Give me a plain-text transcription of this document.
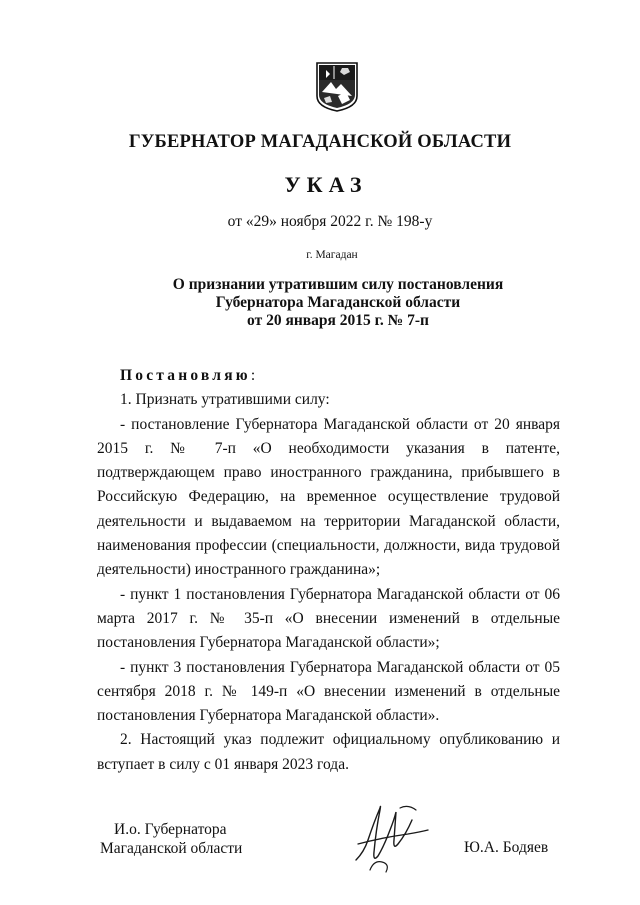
ГУБЕРНАТОР МАГАДАНСКОЙ ОБЛАСТИ
УКАЗ
от «29» ноября 2022 г. № 198-у
г. Магадан
О признании утратившим силу постановления
Губернатора Магаданской области
от 20 января 2015 г. № 7-п

Постановляю:

1. Признать утратившими силу:

- постановление Губернатора Магаданской области от 20 января 2015 г. № 7-п «О необходимости указания в патенте, подтверждающем право иностранного гражданина, прибывшего в Российскую Федерацию, на временное осуществление трудовой деятельности и выдаваемом на территории Магаданской области, наименования профессии (специальности, должности, вида трудовой деятельности) иностранного гражданина»;

- пункт 1 постановления Губернатора Магаданской области от 06 марта 2017 г. № 35-п «О внесении изменений в отдельные постановления Губернатора Магаданской области»;

- пункт 3 постановления Губернатора Магаданской области от 05 сентября 2018 г. № 149-п «О внесении изменений в отдельные постановления Губернатора Магаданской области».

2. Настоящий указ подлежит официальному опубликованию и вступает в силу с 01 января 2023 года.

И.о. Губернатора
Магаданской области	Ю.А. Бодяев
